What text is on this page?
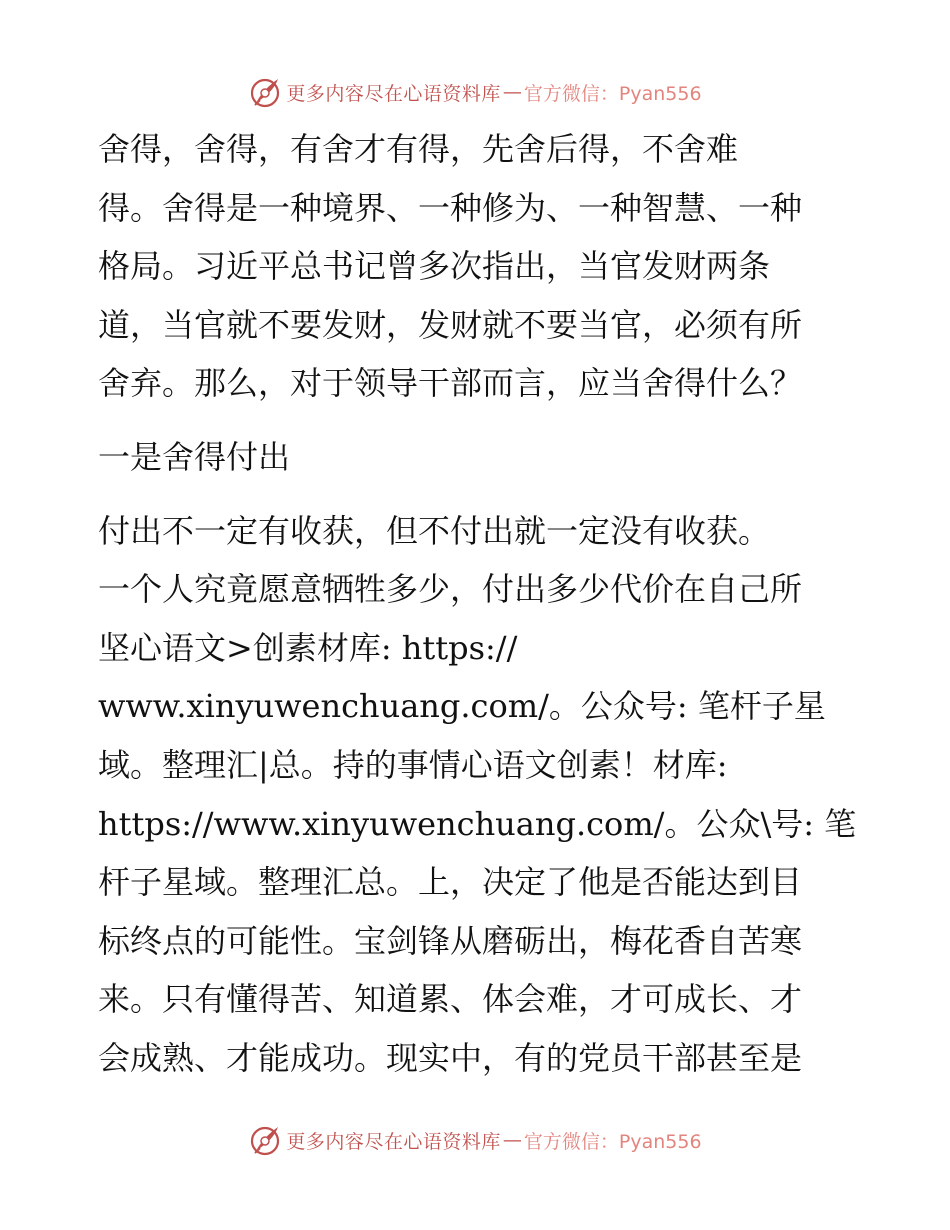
更多内容尽在心语资料库 — 官方微信：Pyan556
舍得，舍得，有舍才有得，先舍后得，不舍难
得。舍得是一种境界、一种修为、一种智慧、一种
格局。习近平总书记曾多次指出，当官发财两条
道，当官就不要发财，发财就不要当官，必须有所
舍弃。那么，对于领导干部而言，应当舍得什么？
一是舍得付出
付出不一定有收获，但不付出就一定没有收获。
一个人究竟愿意牺牲多少，付出多少代价在自己所
坚心语文>创素材库: https://
www.xinyuwenchuang.com/。公众号: 笔杆子星
域。整理汇|总。持的事情心语文创素！材库:
https://www.xinyuwenchuang.com/。公众\号: 笔
杆子星域。整理汇总。上，决定了他是否能达到目
标终点的可能性。宝剑锋从磨砺出，梅花香自苦寒
来。只有懂得苦、知道累、体会难，才可成长、才
会成熟、才能成功。现实中，有的党员干部甚至是
更多内容尽在心语资料库 — 官方微信：Pyan556
